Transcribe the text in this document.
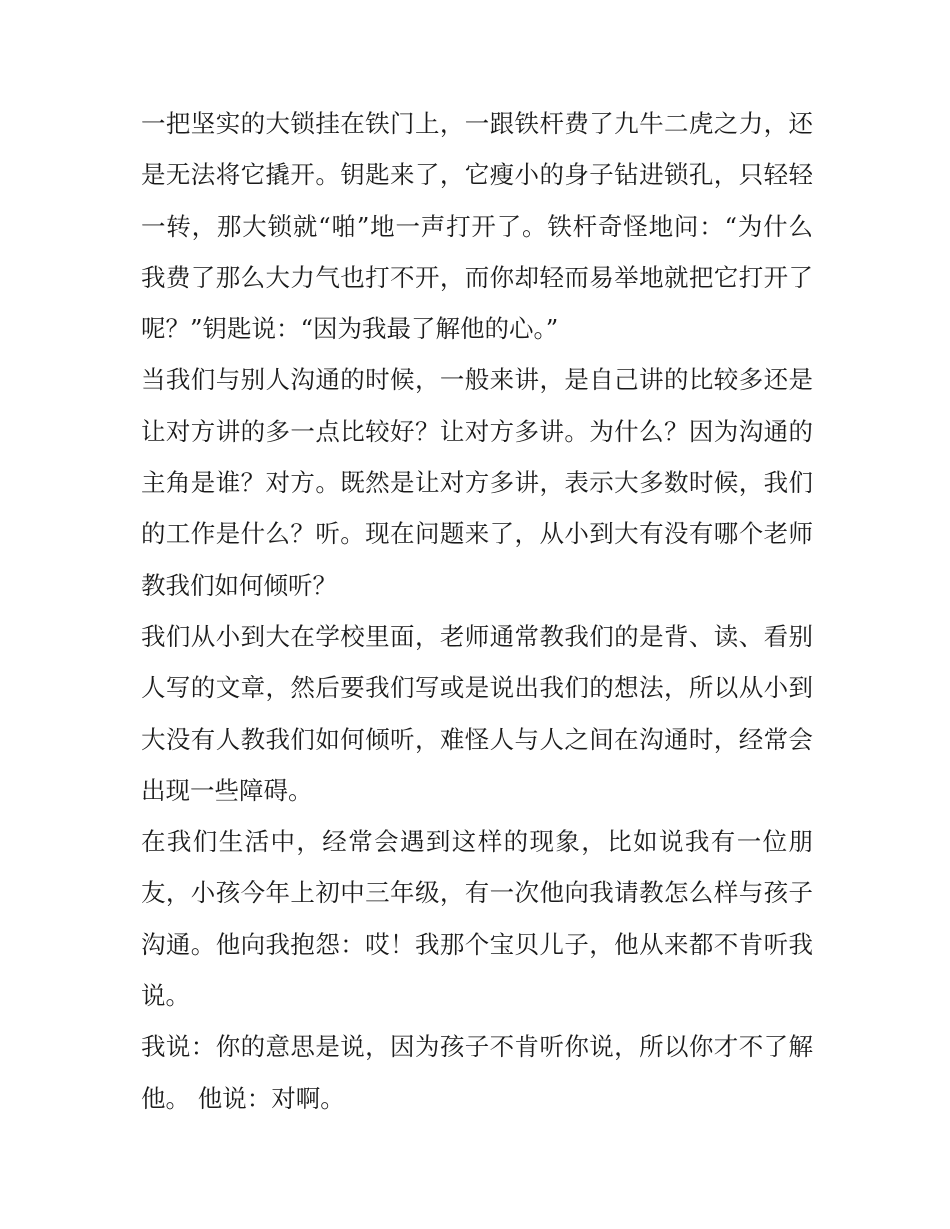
一把坚实的大锁挂在铁门上，一跟铁杆费了九牛二虎之力，还是无法将它撬开。钥匙来了，它瘦小的身子钻进锁孔，只轻轻一转，那大锁就“啪”地一声打开了。铁杆奇怪地问：“为什么我费了那么大力气也打不开，而你却轻而易举地就把它打开了呢？”钥匙说：“因为我最了解他的心。”

当我们与别人沟通的时候，一般来讲，是自己讲的比较多还是让对方讲的多一点比较好？让对方多讲。为什么？因为沟通的主角是谁？对方。既然是让对方多讲，表示大多数时候，我们的工作是什么？听。现在问题来了，从小到大有没有哪个老师教我们如何倾听？

我们从小到大在学校里面，老师通常教我们的是背、读、看别人写的文章，然后要我们写或是说出我们的想法，所以从小到大没有人教我们如何倾听，难怪人与人之间在沟通时，经常会出现一些障碍。

在我们生活中，经常会遇到这样的现象，比如说我有一位朋友，小孩今年上初中三年级，有一次他向我请教怎么样与孩子沟通。他向我抱怨：哎！我那个宝贝儿子，他从来都不肯听我说。

我说：你的意思是说，因为孩子不肯听你说，所以你才不了解他。 他说：对啊。
